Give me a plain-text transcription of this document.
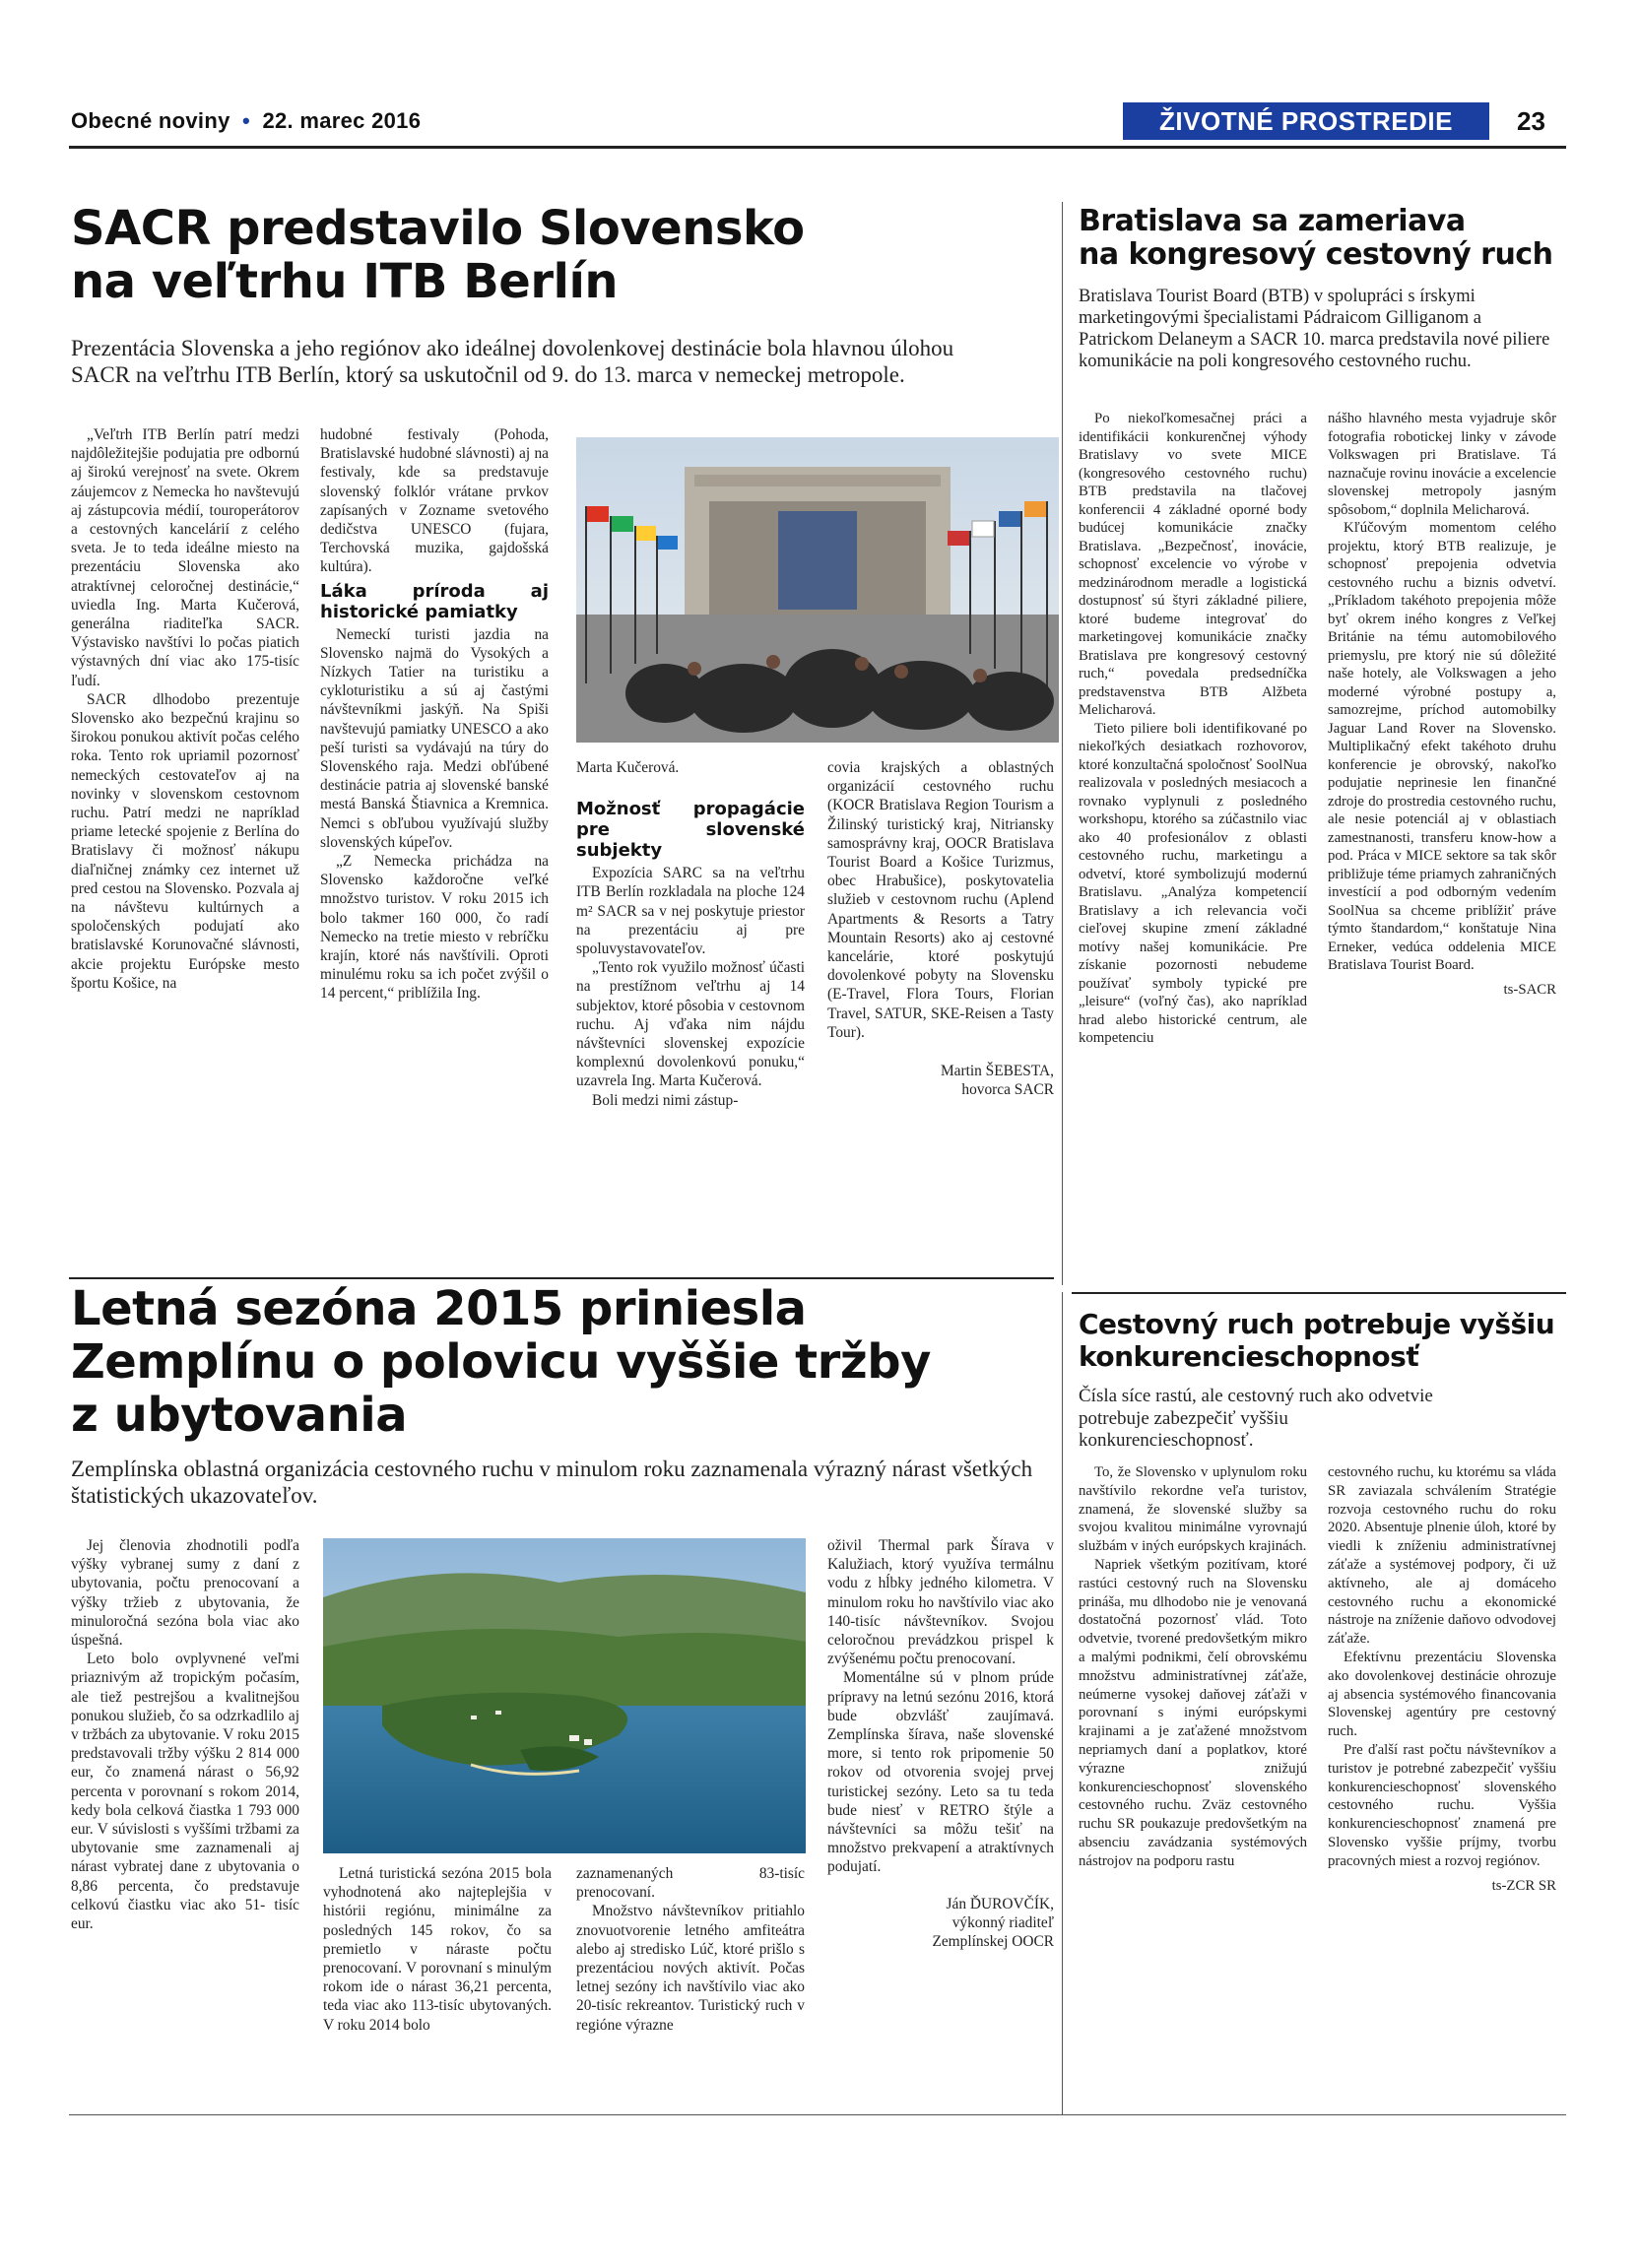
Obecné noviny • 22. marec 2016	ŽIVOTNÉ PROSTREDIE	23
SACR predstavilo Slovensko
na veľtrhu ITB Berlín
Prezentácia Slovenska a jeho regiónov ako ideálnej dovolenkovej destinácie bola hlavnou úlohou SACR na veľtrhu ITB Berlín, ktorý sa uskutočnil od 9. do 13. marca v nemeckej metropole.

„Veľtrh ITB Berlín patrí medzi najdôležitejšie podujatia pre odbornú aj širokú verejnosť na svete. Okrem záujemcov z Nemecka ho navštevujú aj zástupcovia médií, touroperátorov a cestovných kancelárií z celého sveta. Je to teda ideálne miesto na prezentáciu Slovenska ako atraktívnej celoročnej destinácie,“ uviedla Ing. Marta Kučerová, generálna riaditeľka SACR. Výstavisko navštívi lo počas piatich výstavných dní viac ako 175-tisíc ľudí.

SACR dlhodobo prezentuje Slovensko ako bezpečnú krajinu so širokou ponukou aktivít počas celého roka. Tento rok upriamil pozornosť nemeckých cestovateľov aj na novinky v slovenskom cestovnom ruchu. Patrí medzi ne napríklad priame letecké spojenie z Berlína do Bratislavy či možnosť nákupu diaľničnej známky cez internet už pred cestou na Slovensko. Pozvala aj na návštevu kultúrnych a spoločenských podujatí ako bratislavské Korunovačné slávnosti, akcie projektu Európske mesto športu Košice, na

hudobné festivaly (Pohoda, Bratislavské hudobné slávnosti) aj na festivaly, kde sa predstavuje slovenský folklór vrátane prvkov zapísaných v Zozname svetového dedičstva UNESCO (fujara, Terchovská muzika, gajdošská kultúra).

Láka príroda aj historické pamiatky

Nemeckí turisti jazdia na Slovensko najmä do Vysokých a Nízkych Tatier na turistiku a cykloturistiku a sú aj častými návštevníkmi jaskýň. Na Spiši navštevujú pamiatky UNESCO a ako peší turisti sa vydávajú na túry do Slovenského raja. Medzi obľúbené destinácie patria aj slovenské banské mestá Banská Štiavnica a Kremnica. Nemci s obľubou využívajú služby slovenských kúpeľov.

„Z Nemecka prichádza na Slovensko každoročne veľké množstvo turistov. V roku 2015 ich bolo takmer 160 000, čo radí Nemecko na tretie miesto v rebríčku krajín, ktoré nás navštívili. Oproti minulému roku sa ich počet zvýšil o 14 percent,“ priblížila Ing.

Marta Kučerová.

Možnosť propagácie pre slovenské subjekty

Expozícia SARC sa na veľtrhu ITB Berlín rozkladala na ploche 124 m² SACR sa v nej poskytuje priestor na prezentáciu aj pre spoluvystavovateľov.

„Tento rok využilo možnosť účasti na prestížnom veľtrhu aj 14 subjektov, ktoré pôsobia v cestovnom ruchu. Aj vďaka nim nájdu návštevníci slovenskej expozície komplexnú dovolenkovú ponuku,“ uzavrela Ing. Marta Kučerová.

Boli medzi nimi zástup-

covia krajských a oblastných organizácií cestovného ruchu (KOCR Bratislava Region Tourism a Žilinský turistický kraj, Nitriansky samosprávny kraj, OOCR Bratislava Tourist Board a Košice Turizmus, obec Hrabušice), poskytovatelia služieb v cestovnom ruchu (Aplend Apartments & Resorts a Tatry Mountain Resorts) ako aj cestovné kancelárie, ktoré poskytujú dovolenkové pobyty na Slovensku (E-Travel, Flora Tours, Florian Travel, SATUR, SKE-Reisen a Tasty Tour).

Martin ŠEBESTA,

hovorca SACR

Bratislava sa zameriava
na kongresový cestovný ruch
Bratislava Tourist Board (BTB) v spolupráci s írskymi marketingovými špecialistami Pádraicom Gilliganom a Patrickom Delaneym a SACR 10. marca predstavila nové piliere komunikácie na poli kongresového cestovného ruchu.

Po niekoľkomesačnej práci a identifikácii konkurenčnej výhody Bratislavy vo svete MICE (kongresového cestovného ruchu) BTB predstavila na tlačovej konferencii 4 základné oporné body budúcej komunikácie značky Bratislava. „Bezpečnosť, inovácie, schopnosť excelencie vo výrobe v medzinárodnom meradle a logistická dostupnosť sú štyri základné piliere, ktoré budeme integrovať do marketingovej komunikácie značky Bratislava pre kongresový cestovný ruch,“ povedala predsedníčka predstavenstva BTB Alžbeta Melicharová.

Tieto piliere boli identifikované po niekoľkých desiatkach rozhovorov, ktoré konzultačná spoločnosť SoolNua realizovala v posledných mesiacoch a rovnako vyplynuli z posledného workshopu, ktorého sa zúčastnilo viac ako 40 profesionálov z oblasti cestovného ruchu, marketingu a odvetví, ktoré symbolizujú modernú Bratislavu. „Analýza kompetencií Bratislavy a ich relevancia voči cieľovej skupine zmení základné motívy našej komunikácie. Pre získanie pozornosti nebudeme používať symboly typické pre „leisure“ (voľný čas), ako napríklad hrad alebo historické centrum, ale kompetenciu

nášho hlavného mesta vyjadruje skôr fotografia robotickej linky v závode Volkswagen pri Bratislave. Tá naznačuje rovinu inovácie a excelencie slovenskej metropoly jasným spôsobom,“ doplnila Melicharová.

Kľúčovým momentom celého projektu, ktorý BTB realizuje, je schopnosť prepojenia odvetvia cestovného ruchu a biznis odvetví. „Príkladom takéhoto prepojenia môže byť okrem iného kongres z Veľkej Británie na tému automobilového priemyslu, pre ktorý nie sú dôležité naše hotely, ale Volkswagen a jeho moderné výrobné postupy a, samozrejme, príchod automobilky Jaguar Land Rover na Slovensko. Multiplikačný efekt takéhoto druhu konferencie je obrovský, nakoľko podujatie neprinesie len finančné zdroje do prostredia cestovného ruchu, ale nesie potenciál aj v oblastiach zamestnanosti, transferu know-how a pod. Práca v MICE sektore sa tak skôr približuje téme priamych zahraničných investícií a pod odborným vedením SoolNua sa chceme priblížiť práve týmto štandardom,“ konštatuje Nina Erneker, vedúca oddelenia MICE Bratislava Tourist Board.

ts-SACR

Letná sezóna 2015 priniesla
Zemplínu o polovicu vyššie tržby
z ubytovania
Zemplínska oblastná organizácia cestovného ruchu v minulom roku zaznamenala výrazný nárast všetkých štatistických ukazovateľov.

Jej členovia zhodnotili podľa výšky vybranej sumy z daní z ubytovania, počtu prenocovaní a výšky tržieb z ubytovania, že minuloročná sezóna bola viac ako úspešná.

Leto bolo ovplyvnené veľmi priaznivým až tropickým počasím, ale tiež pestrejšou a kvalitnejšou ponukou služieb, čo sa odzrkadlilo aj v tržbách za ubytovanie. V roku 2015 predstavovali tržby výšku 2 814 000 eur, čo znamená nárast o 56,92 percenta v porovnaní s rokom 2014, kedy bola celková čiastka 1 793 000 eur. V súvislosti s vyššími tržbami za ubytovanie sme zaznamenali aj nárast vybratej dane z ubytovania o 8,86 percenta, čo predstavuje celkovú čiastku viac ako 51- tisíc eur.

Letná turistická sezóna 2015 bola vyhodnotená ako najteplejšia v histórii regiónu, minimálne za posledných 145 rokov, čo sa premietlo v náraste počtu prenocovaní. V porovnaní s minulým rokom ide o nárast 36,21 percenta, teda viac ako 113-tisíc ubytovaných. V roku 2014 bolo

zaznamenaných 83-tisíc prenocovaní.

Množstvo návštevníkov pritiahlo znovuotvorenie letného amfiteátra alebo aj stredisko Lúč, ktoré prišlo s prezentáciou nových aktivít. Počas letnej sezóny ich navštívilo viac ako 20-tisíc rekreantov. Turistický ruch v regióne výrazne

oživil Thermal park Šírava v Kalužiach, ktorý využíva termálnu vodu z hĺbky jedného kilometra. V minulom roku ho navštívilo viac ako 140-tisíc návštevníkov. Svojou celoročnou prevádzkou prispel k zvýšenému počtu prenocovaní.

Momentálne sú v plnom prúde prípravy na letnú sezónu 2016, ktorá bude obzvlášť zaujímavá. Zemplínska šírava, naše slovenské more, si tento rok pripomenie 50 rokov od otvorenia svojej prvej turistickej sezóny. Leto sa tu teda bude niesť v RETRO štýle a návštevníci sa môžu tešiť na množstvo prekvapení a atraktívnych podujatí.

Ján ĎUROVČÍK,

výkonný riaditeľ

Zemplínskej OOCR

Cestovný ruch potrebuje vyššiu
konkurencieschopnosť
Čísla síce rastú, ale cestovný ruch ako odvetvie potrebuje zabezpečiť vyššiu konkurencieschopnosť.

To, že Slovensko v uplynulom roku navštívilo rekordne veľa turistov, znamená, že slovenské služby sa svojou kvalitou minimálne vyrovnajú službám v iných európskych krajinách.

Napriek všetkým pozitívam, ktoré rastúci cestovný ruch na Slovensku prináša, mu dlhodobo nie je venovaná dostatočná pozornosť vlád. Toto odvetvie, tvorené predovšetkým mikro a malými podnikmi, čelí obrovskému množstvu administratívnej záťaže, neúmerne vysokej daňovej záťaži v porovnaní s inými európskymi krajinami a je zaťažené množstvom nepriamych daní a poplatkov, ktoré výrazne znižujú konkurencieschopnosť slovenského cestovného ruchu. Zväz cestovného ruchu SR poukazuje predovšetkým na absenciu zavádzania systémových nástrojov na podporu rastu

cestovného ruchu, ku ktorému sa vláda SR zaviazala schválením Stratégie rozvoja cestovného ruchu do roku 2020. Absentuje plnenie úloh, ktoré by viedli k zníženiu administratívnej záťaže a systémovej podpory, či už aktívneho, ale aj domáceho cestovného ruchu a ekonomické nástroje na zníženie daňovo odvodovej záťaže.

Efektívnu prezentáciu Slovenska ako dovolenkovej destinácie ohrozuje aj absencia systémového financovania Slovenskej agentúry pre cestovný ruch.

Pre ďalší rast počtu návštevníkov a turistov je potrebné zabezpečiť vyššiu konkurencieschopnosť slovenského cestovného ruchu. Vyššia konkurencieschopnosť znamená pre Slovensko vyššie príjmy, tvorbu pracovných miest a rozvoj regiónov.

ts-ZCR SR
